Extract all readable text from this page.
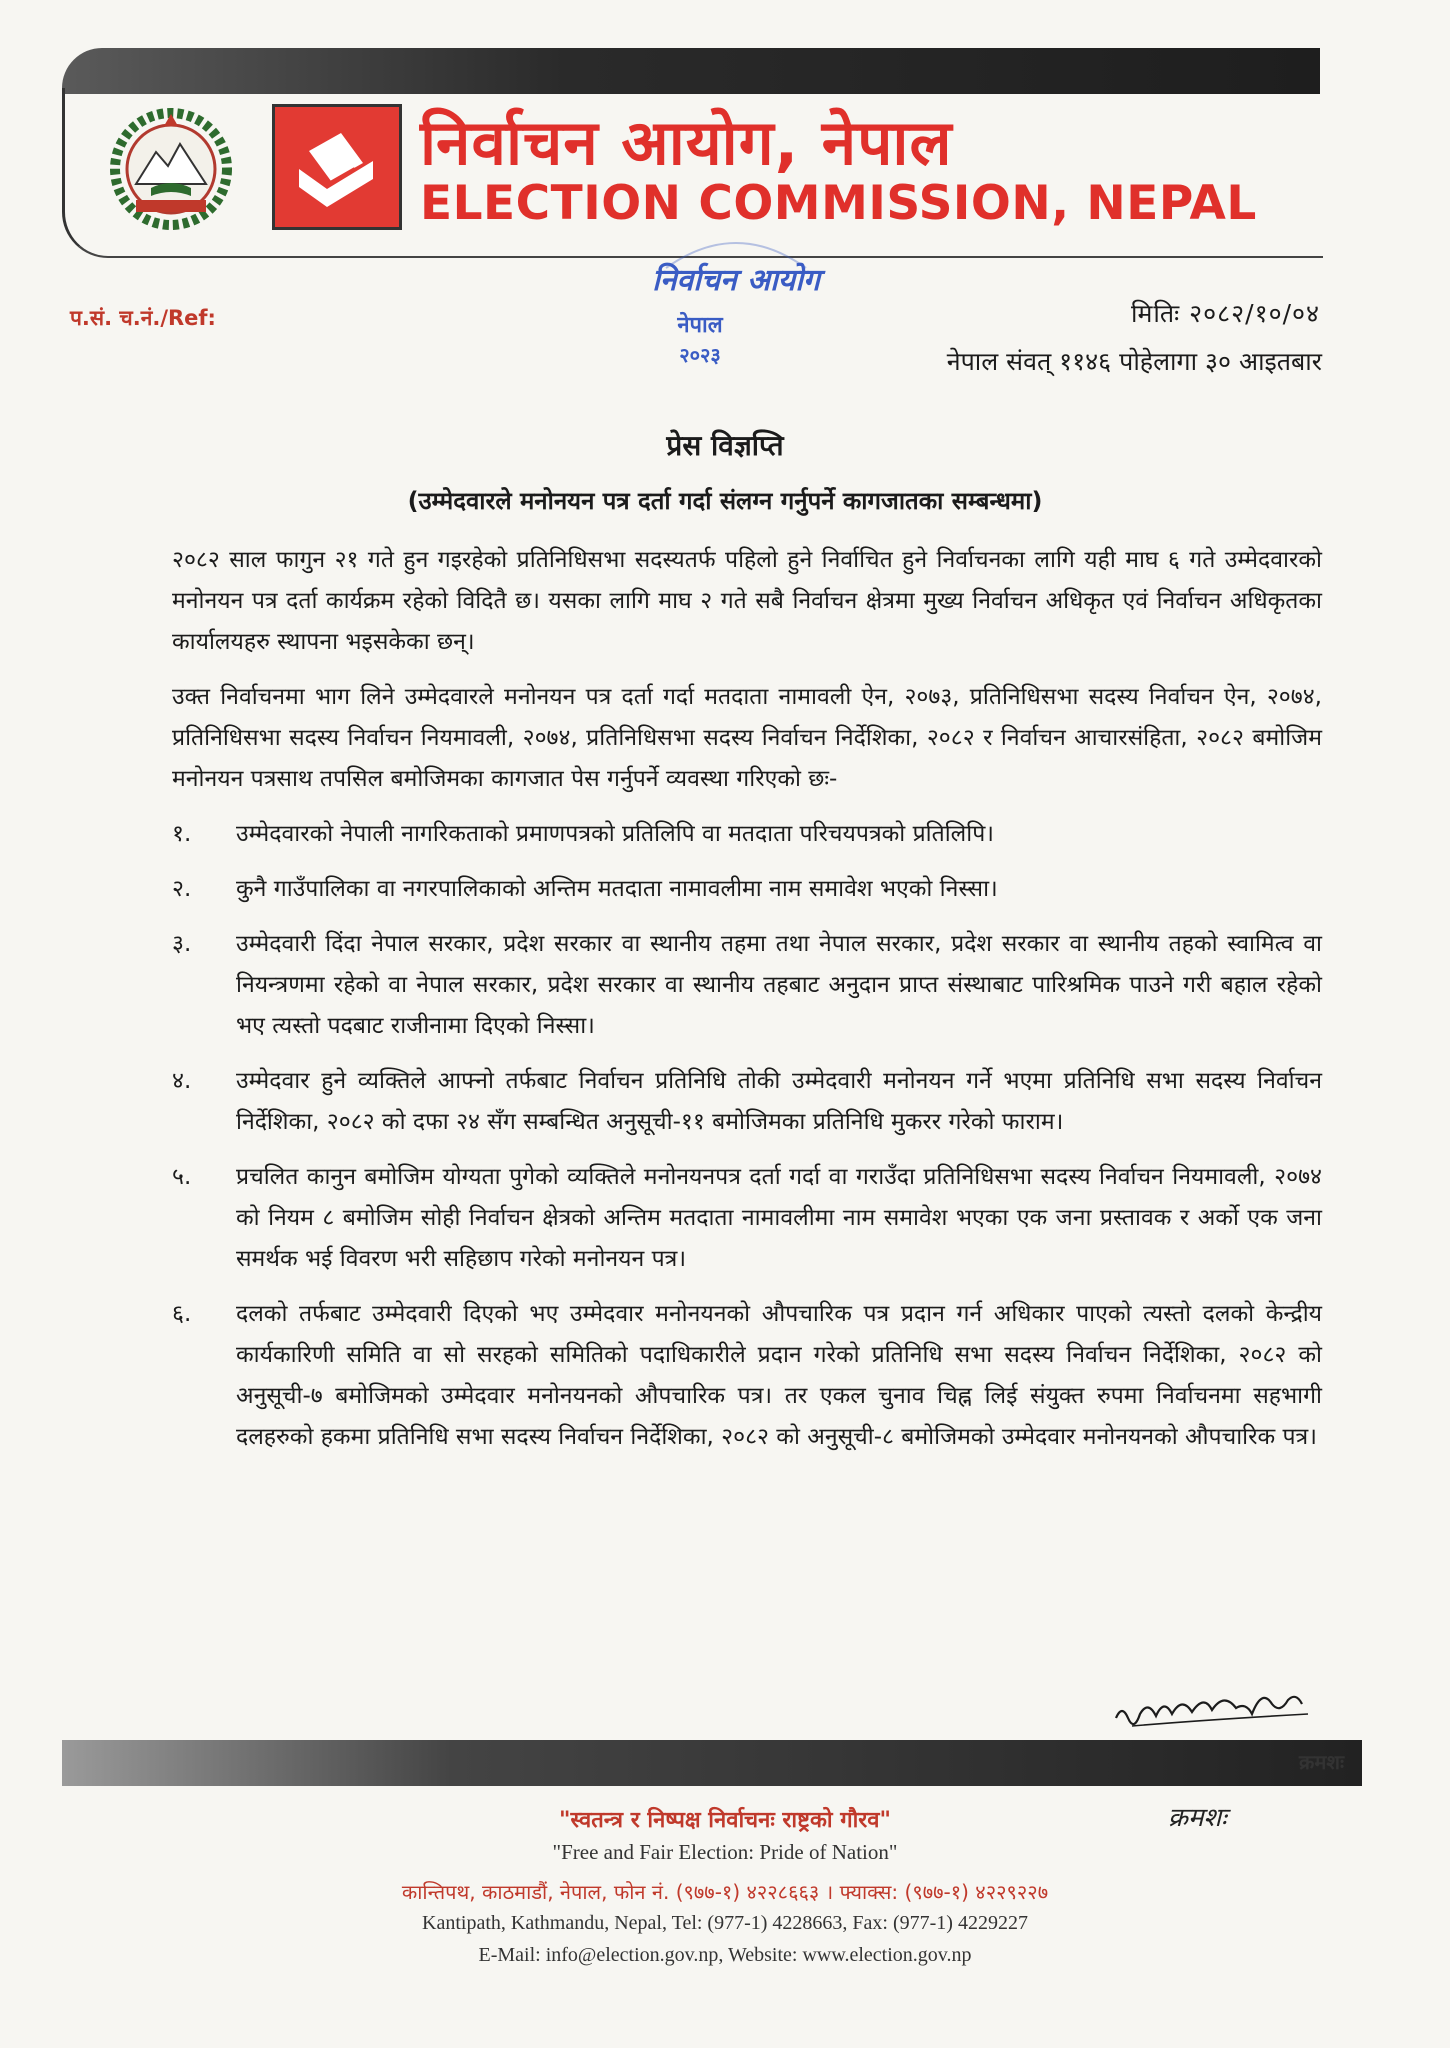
निर्वाचन आयोग, नेपाल
ELECTION COMMISSION, NEPAL
निर्वाचन आयोग
नेपाल
२०२३
प.सं. च.नं./Ref:	मितिः २०८२/१०/०४
नेपाल संवत् ११४६ पोहेलागा ३० आइतबार
प्रेस विज्ञप्ति
(उम्मेदवारले मनोनयन पत्र दर्ता गर्दा संलग्न गर्नुपर्ने कागजातका सम्बन्धमा)

२०८२ साल फागुन २१ गते हुन गइरहेको प्रतिनिधिसभा सदस्यतर्फ पहिलो हुने निर्वाचित हुने निर्वाचनका लागि यही माघ ६ गते उम्मेदवारको मनोनयन पत्र दर्ता कार्यक्रम रहेको विदितै छ। यसका लागि माघ २ गते सबै निर्वाचन क्षेत्रमा मुख्य निर्वाचन अधिकृत एवं निर्वाचन अधिकृतका कार्यालयहरु स्थापना भइसकेका छन्।

उक्त निर्वाचनमा भाग लिने उम्मेदवारले मनोनयन पत्र दर्ता गर्दा मतदाता नामावली ऐन, २०७३, प्रतिनिधिसभा सदस्य निर्वाचन ऐन, २०७४, प्रतिनिधिसभा सदस्य निर्वाचन नियमावली, २०७४, प्रतिनिधिसभा सदस्य निर्वाचन निर्देशिका, २०८२ र निर्वाचन आचारसंहिता, २०८२ बमोजिम मनोनयन पत्रसाथ तपसिल बमोजिमका कागजात पेस गर्नुपर्ने व्यवस्था गरिएको छः-

१.	उम्मेदवारको नेपाली नागरिकताको प्रमाणपत्रको प्रतिलिपि वा मतदाता परिचयपत्रको प्रतिलिपि।
२.	कुनै गाउँपालिका वा नगरपालिकाको अन्तिम मतदाता नामावलीमा नाम समावेश भएको निस्सा।
३.	उम्मेदवारी दिंदा नेपाल सरकार, प्रदेश सरकार वा स्थानीय तहमा तथा नेपाल सरकार, प्रदेश सरकार वा स्थानीय तहको स्वामित्व वा नियन्त्रणमा रहेको वा नेपाल सरकार, प्रदेश सरकार वा स्थानीय तहबाट अनुदान प्राप्त संस्थाबाट पारिश्रमिक पाउने गरी बहाल रहेको भए त्यस्तो पदबाट राजीनामा दिएको निस्सा।
४.	उम्मेदवार हुने व्यक्तिले आफ्नो तर्फबाट निर्वाचन प्रतिनिधि तोकी उम्मेदवारी मनोनयन गर्ने भएमा प्रतिनिधि सभा सदस्य निर्वाचन निर्देशिका, २०८२ को दफा २४ सँग सम्बन्धित अनुसूची-११ बमोजिमका प्रतिनिधि मुकरर गरेको फाराम।
५.	प्रचलित कानुन बमोजिम योग्यता पुगेको व्यक्तिले मनोनयनपत्र दर्ता गर्दा वा गराउँदा प्रतिनिधिसभा सदस्य निर्वाचन नियमावली, २०७४ को नियम ८ बमोजिम सोही निर्वाचन क्षेत्रको अन्तिम मतदाता नामावलीमा नाम समावेश भएका एक जना प्रस्तावक र अर्को एक जना समर्थक भई विवरण भरी सहिछाप गरेको मनोनयन पत्र।
६.	दलको तर्फबाट उम्मेदवारी दिएको भए उम्मेदवार मनोनयनको औपचारिक पत्र प्रदान गर्न अधिकार पाएको त्यस्तो दलको केन्द्रीय कार्यकारिणी समिति वा सो सरहको समितिको पदाधिकारीले प्रदान गरेको प्रतिनिधि सभा सदस्य निर्वाचन निर्देशिका, २०८२ को अनुसूची-७ बमोजिमको उम्मेदवार मनोनयनको औपचारिक पत्र। तर एकल चुनाव चिह्न लिई संयुक्त रुपमा निर्वाचनमा सहभागी दलहरुको हकमा प्रतिनिधि सभा सदस्य निर्वाचन निर्देशिका, २०८२ को अनुसूची-८ बमोजिमको उम्मेदवार मनोनयनको औपचारिक पत्र।
क्रमशः
क्रमशः
"स्वतन्त्र र निष्पक्ष निर्वाचनः राष्ट्रको गौरव"
"Free and Fair Election: Pride of Nation"
कान्तिपथ, काठमाडौं, नेपाल, फोन नं. (९७७-१) ४२२८६६३ । फ्याक्स: (९७७-१) ४२२९२२७
Kantipath, Kathmandu, Nepal, Tel: (977-1) 4228663, Fax: (977-1) 4229227
E-Mail: info@election.gov.np, Website: www.election.gov.np
